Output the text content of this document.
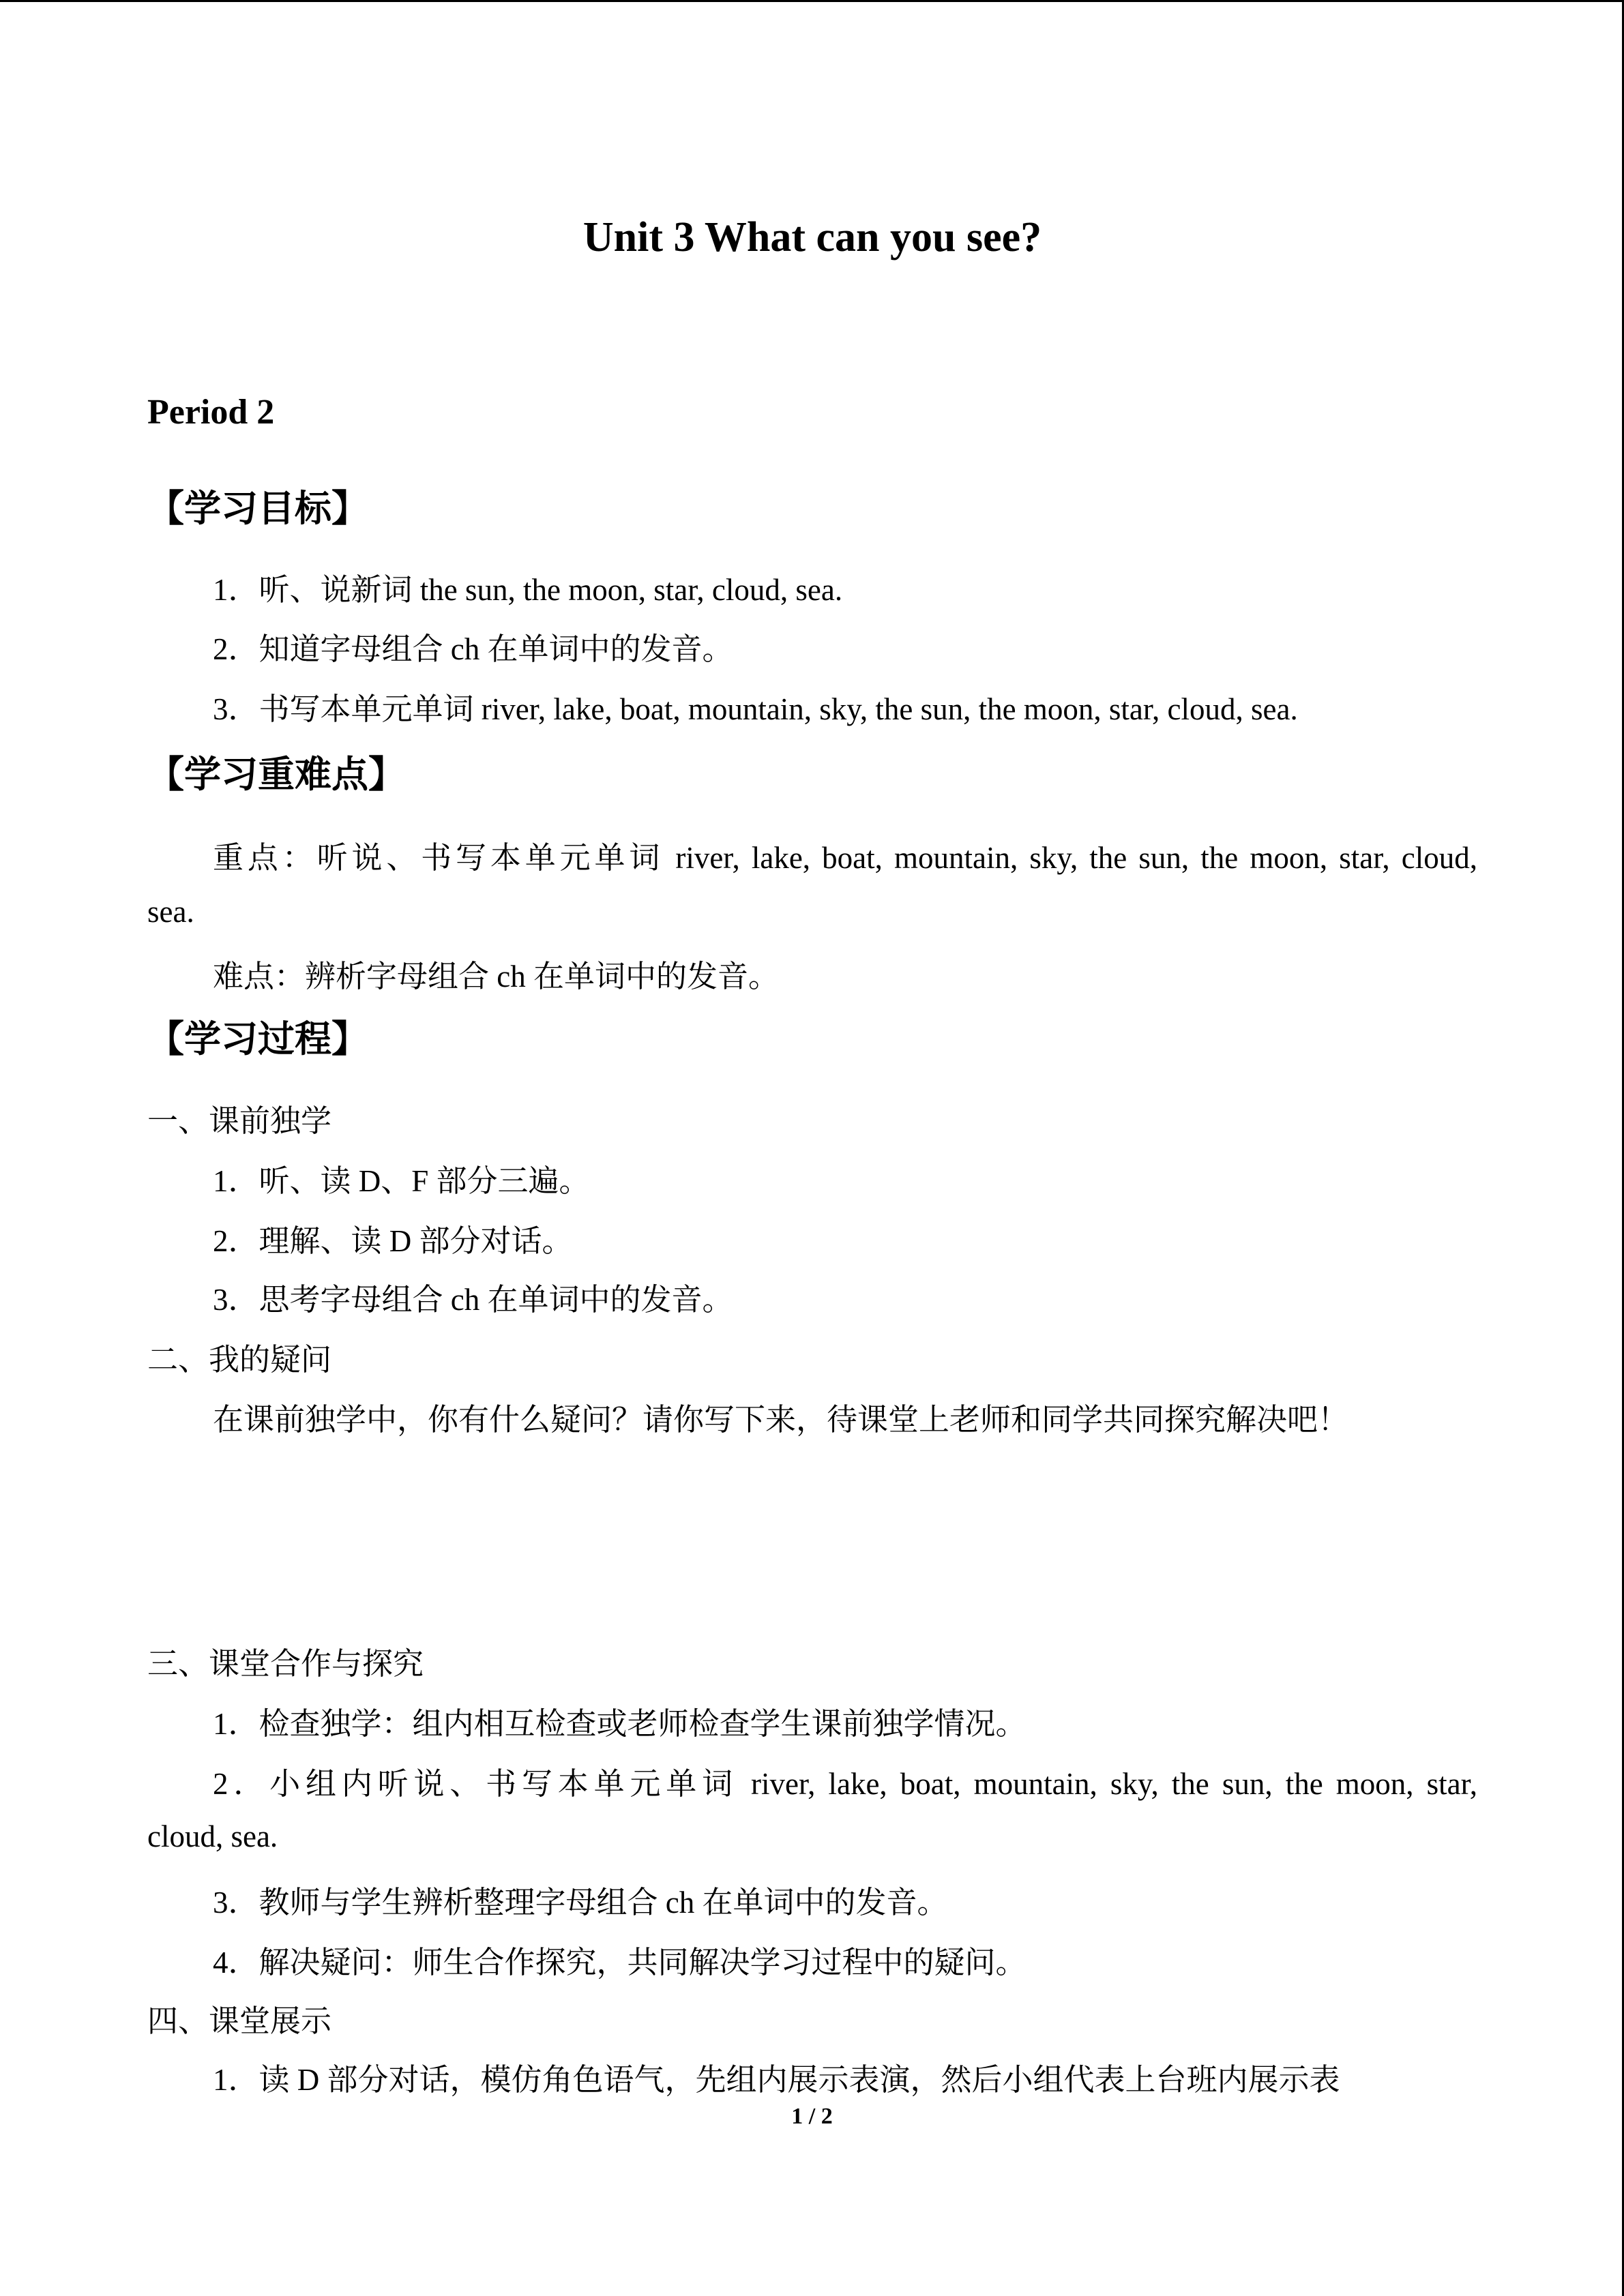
Unit 3 What can you see?
Period 2
【学习目标】
1．听、说新词 the sun, the moon, star, cloud, sea.
2．知道字母组合 ch 在单词中的发音。
3．书写本单元单词 river, lake, boat, mountain, sky, the sun, the moon, star, cloud, sea.
【学习重难点】
重点：听说、书写本单元单词 river, lake, boat, mountain, sky, the sun, the moon, star, cloud,
sea.
难点：辨析字母组合 ch 在单词中的发音。
【学习过程】
一、课前独学
1．听、读 D、F 部分三遍。
2．理解、读 D 部分对话。
3．思考字母组合 ch 在单词中的发音。
二、我的疑问
在课前独学中，你有什么疑问？请你写下来，待课堂上老师和同学共同探究解决吧！
三、课堂合作与探究
1．检查独学：组内相互检查或老师检查学生课前独学情况。
2．小组内听说、书写本单元单词 river, lake, boat, mountain, sky, the sun, the moon, star,
cloud, sea.
3．教师与学生辨析整理字母组合 ch 在单词中的发音。
4．解决疑问：师生合作探究，共同解决学习过程中的疑问。
四、课堂展示
1．读 D 部分对话，模仿角色语气，先组内展示表演，然后小组代表上台班内展示表
1 / 2
